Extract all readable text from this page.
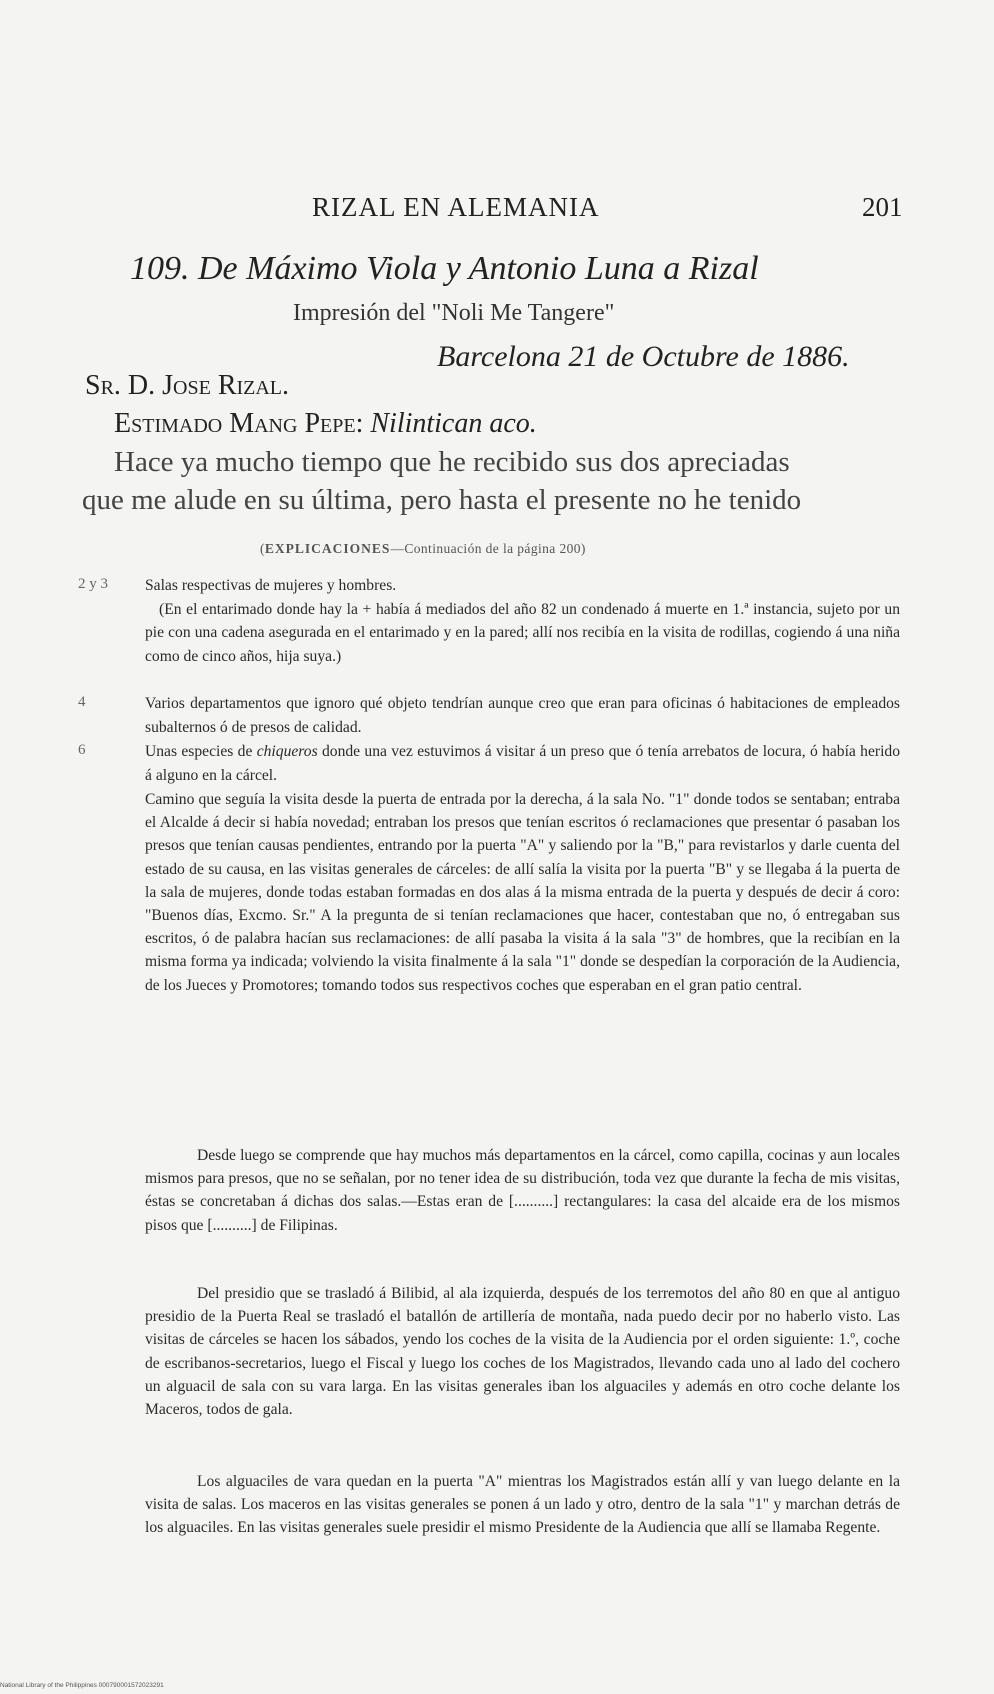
RIZAL EN ALEMANIA	201
109. De Máximo Viola y Antonio Luna a Rizal
Impresión del "Noli Me Tangere"
Barcelona 21 de Octubre de 1886.
Sr. D. Jose Rizal.
Estimado Mang Pepe: Nilintican aco.
Hace ya mucho tiempo que he recibido sus dos apreciadas
que me alude en su última, pero hasta el presente no he tenido
(EXPLICACIONES—Continuación de la página 200)
2 y 3 Salas respectivas de mujeres y hombres.

(En el entarimado donde hay la + había á mediados del año 82 un condenado á muerte en 1.ª instancia, sujeto por un pie con una cadena asegurada en el entarimado y en la pared; allí nos recibía en la visita de rodillas, cogiendo á una niña como de cinco años, hija suya.)

4	Varios departamentos que ignoro qué objeto tendrían aunque creo que eran para oficinas ó habitaciones de empleados subalternos ó de presos de calidad.

6	Unas especies de chiqueros donde una vez estuvimos á visitar á un preso que ó tenía arrebatos de locura, ó había herido á alguno en la cárcel.

Camino que seguía la visita desde la puerta de entrada por la derecha, á la sala No. "1" donde todos se sentaban; entraba el Alcalde á decir si había novedad; entraban los presos que tenían escritos ó reclamaciones que presentar ó pasaban los presos que tenían causas pendientes, entrando por la puerta "A" y saliendo por la "B," para revistarlos y darle cuenta del estado de su causa, en las visitas generales de cárceles: de allí salía la visita por la puerta "B" y se llegaba á la puerta de la sala de mujeres, donde todas estaban formadas en dos alas á la misma entrada de la puerta y después de decir á coro: "Buenos días, Excmo. Sr." A la pregunta de si tenían reclamaciones que hacer, contestaban que no, ó entregaban sus escritos, ó de palabra hacían sus reclamaciones: de allí pasaba la visita á la sala "3" de hombres, que la recibían en la misma forma ya indicada; volviendo la visita finalmente á la sala "1" donde se despedían la corporación de la Audiencia, de los Jueces y Promotores; tomando todos sus respectivos coches que esperaban en el gran patio central.

Desde luego se comprende que hay muchos más departamentos en la cárcel, como capilla, cocinas y aun locales mismos para presos, que no se señalan, por no tener idea de su distribución, toda vez que durante la fecha de mis visitas, éstas se concretaban á dichas dos salas.—Estas eran de [..........] rectangulares: la casa del alcaide era de los mismos pisos que [..........] de Filipinas.

Del presidio que se trasladó á Bilibid, al ala izquierda, después de los terremotos del año 80 en que al antiguo presidio de la Puerta Real se trasladó el batallón de artillería de montaña, nada puedo decir por no haberlo visto. Las visitas de cárceles se hacen los sábados, yendo los coches de la visita de la Audiencia por el orden siguiente: 1.º, coche de escribanos-secretarios, luego el Fiscal y luego los coches de los Magistrados, llevando cada uno al lado del cochero un alguacil de sala con su vara larga. En las visitas generales iban los alguaciles y además en otro coche delante los Maceros, todos de gala.

Los alguaciles de vara quedan en la puerta "A" mientras los Magistrados están allí y van luego delante en la visita de salas. Los maceros en las visitas generales se ponen á un lado y otro, dentro de la sala "1" y marchan detrás de los alguaciles. En las visitas generales suele presidir el mismo Presidente de la Audiencia que allí se llamaba Regente.

National Library of the Philippines 000790001572023291
